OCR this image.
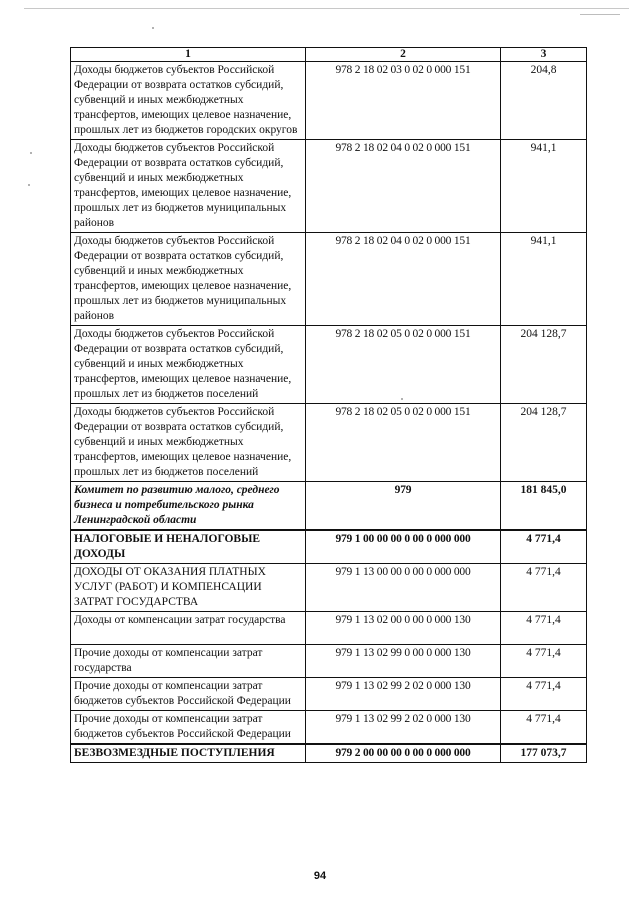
1	2	3
Доходы бюджетов субъектов Российской Федерации от возврата остатков субсидий, субвенций и иных межбюджетных трансфертов, имеющих целевое назначение, прошлых лет из бюджетов городских округов	978 2 18 02 03 0 02 0 000 151	204,8
Доходы бюджетов субъектов Российской Федерации от возврата остатков субсидий, субвенций и иных межбюджетных трансфертов, имеющих целевое назначение, прошлых лет из бюджетов муниципальных районов	978 2 18 02 04 0 02 0 000 151	941,1
Доходы бюджетов субъектов Российской Федерации от возврата остатков субсидий, субвенций и иных межбюджетных трансфертов, имеющих целевое назначение, прошлых лет из бюджетов муниципальных районов	978 2 18 02 04 0 02 0 000 151	941,1
Доходы бюджетов субъектов Российской Федерации от возврата остатков субсидий, субвенций и иных межбюджетных трансфертов, имеющих целевое назначение, прошлых лет из бюджетов поселений	978 2 18 02 05 0 02 0 000 151	204 128,7
Доходы бюджетов субъектов Российской Федерации от возврата остатков субсидий, субвенций и иных межбюджетных трансфертов, имеющих целевое назначение, прошлых лет из бюджетов поселений	978 2 18 02 05 0 02 0 000 151	204 128,7
Комитет по развитию малого, среднего бизнеса и потребительского рынка Ленинградской области	979	181 845,0
НАЛОГОВЫЕ И НЕНАЛОГОВЫЕ ДОХОДЫ	979 1 00 00 00 0 00 0 000 000	4 771,4
ДОХОДЫ ОТ ОКАЗАНИЯ ПЛАТНЫХ УСЛУГ (РАБОТ) И КОМПЕНСАЦИИ ЗАТРАТ ГОСУДАРСТВА	979 1 13 00 00 0 00 0 000 000	4 771,4
Доходы от компенсации затрат государства	979 1 13 02 00 0 00 0 000 130	4 771,4
Прочие доходы от компенсации затрат государства	979 1 13 02 99 0 00 0 000 130	4 771,4
Прочие доходы от компенсации затрат бюджетов субъектов Российской Федерации	979 1 13 02 99 2 02 0 000 130	4 771,4
Прочие доходы от компенсации затрат бюджетов субъектов Российской Федерации	979 1 13 02 99 2 02 0 000 130	4 771,4
БЕЗВОЗМЕЗДНЫЕ ПОСТУПЛЕНИЯ	979 2 00 00 00 0 00 0 000 000	177 073,7
94
